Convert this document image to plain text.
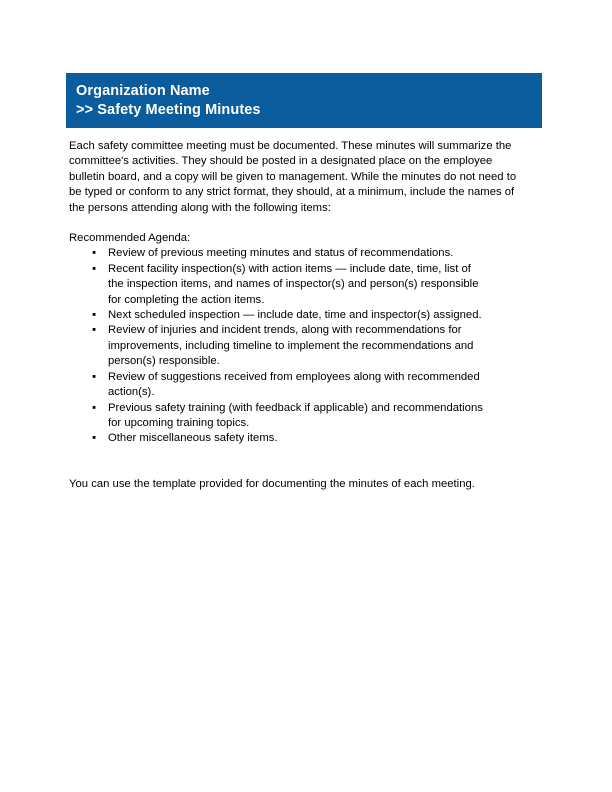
Organization Name
>> Safety Meeting Minutes

Each safety committee meeting must be documented. These minutes will summarize the committee's activities. They should be posted in a designated place on the employee bulletin board, and a copy will be given to management. While the minutes do not need to be typed or conform to any strict format, they should, at a minimum, include the names of the persons attending along with the following items:

Recommended Agenda:

▪ Review of previous meeting minutes and status of recommendations.
▪ Recent facility inspection(s) with action items — include date, time, list of the inspection items, and names of inspector(s) and person(s) responsible for completing the action items.
▪ Next scheduled inspection — include date, time and inspector(s) assigned.
▪ Review of injuries and incident trends, along with recommendations for improvements, including timeline to implement the recommendations and person(s) responsible.
▪ Review of suggestions received from employees along with recommended action(s).
▪ Previous safety training (with feedback if applicable) and recommendations for upcoming training topics.
▪ Other miscellaneous safety items.

You can use the template provided for documenting the minutes of each meeting.
